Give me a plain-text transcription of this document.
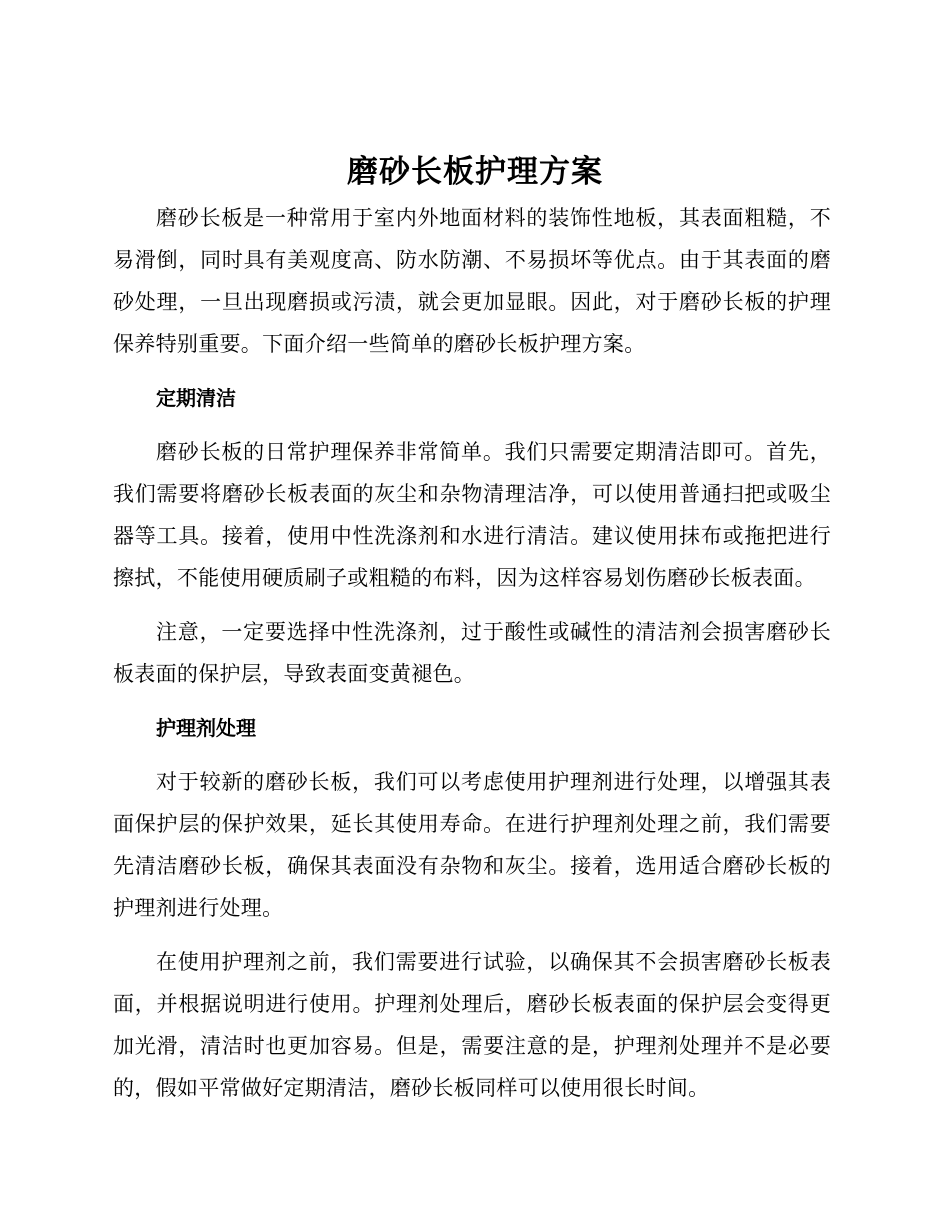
磨砂长板护理方案

磨砂长板是一种常用于室内外地面材料的装饰性地板，其表面粗糙，不易滑倒，同时具有美观度高、防水防潮、不易损坏等优点。由于其表面的磨砂处理，一旦出现磨损或污渍，就会更加显眼。因此，对于磨砂长板的护理保养特别重要。下面介绍一些简单的磨砂长板护理方案。

定期清洁

磨砂长板的日常护理保养非常简单。我们只需要定期清洁即可。首先，我们需要将磨砂长板表面的灰尘和杂物清理洁净，可以使用普通扫把或吸尘器等工具。接着，使用中性洗涤剂和水进行清洁。建议使用抹布或拖把进行擦拭，不能使用硬质刷子或粗糙的布料，因为这样容易划伤磨砂长板表面。

注意，一定要选择中性洗涤剂，过于酸性或碱性的清洁剂会损害磨砂长板表面的保护层，导致表面变黄褪色。

护理剂处理

对于较新的磨砂长板，我们可以考虑使用护理剂进行处理，以增强其表面保护层的保护效果，延长其使用寿命。在进行护理剂处理之前，我们需要先清洁磨砂长板，确保其表面没有杂物和灰尘。接着，选用适合磨砂长板的护理剂进行处理。

在使用护理剂之前，我们需要进行试验，以确保其不会损害磨砂长板表面，并根据说明进行使用。护理剂处理后，磨砂长板表面的保护层会变得更加光滑，清洁时也更加容易。但是，需要注意的是，护理剂处理并不是必要的，假如平常做好定期清洁，磨砂长板同样可以使用很长时间。
